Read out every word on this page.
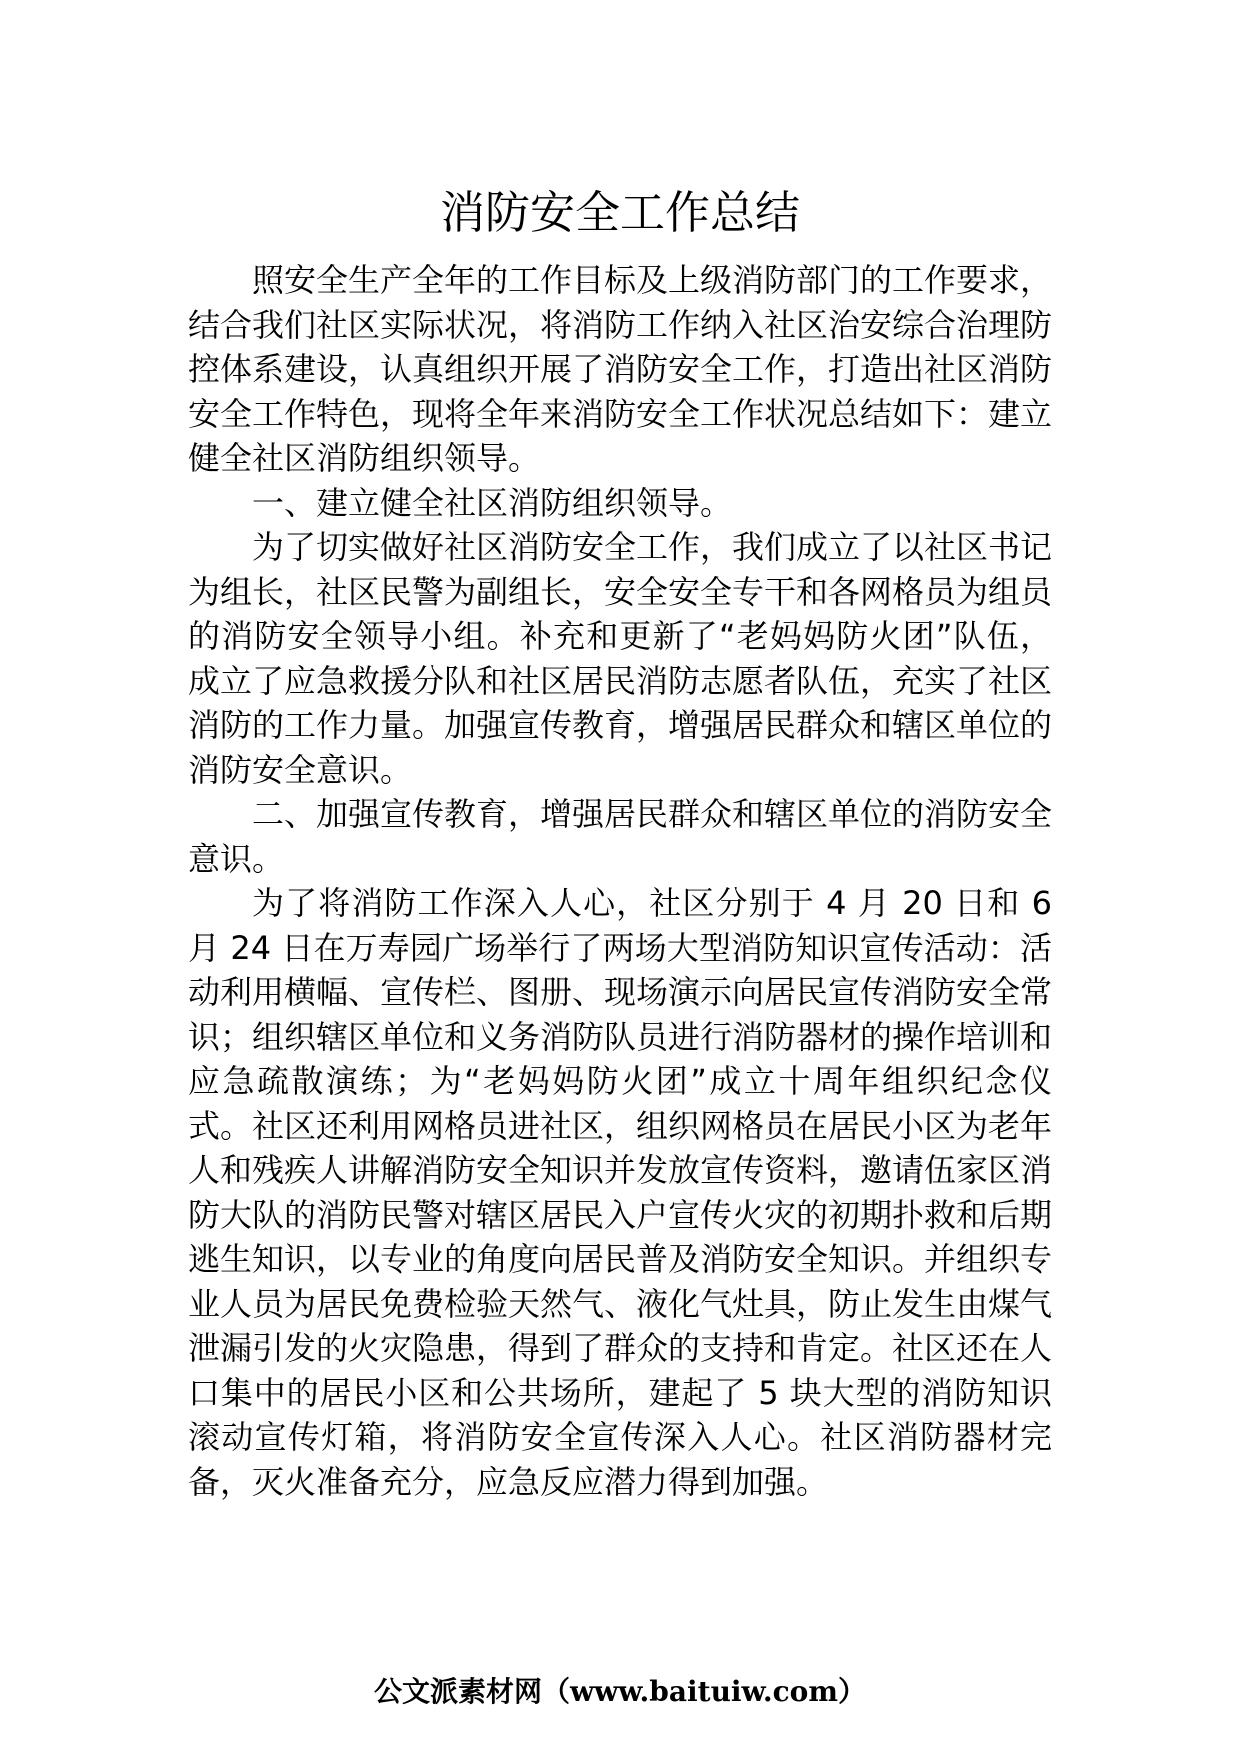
消防安全工作总结

照安全生产全年的工作目标及上级消防部门的工作要求，结合我们社区实际状况，将消防工作纳入社区治安综合治理防控体系建设，认真组织开展了消防安全工作，打造出社区消防安全工作特色，现将全年来消防安全工作状况总结如下：建立健全社区消防组织领导。

一、建立健全社区消防组织领导。

为了切实做好社区消防安全工作，我们成立了以社区书记为组长，社区民警为副组长，安全安全专干和各网格员为组员的消防安全领导小组。补充和更新了“老妈妈防火团”队伍，成立了应急救援分队和社区居民消防志愿者队伍，充实了社区消防的工作力量。加强宣传教育，增强居民群众和辖区单位的消防安全意识。

二、加强宣传教育，增强居民群众和辖区单位的消防安全意识。

为了将消防工作深入人心，社区分别于 4 月 20 日和 6 月 24 日在万寿园广场举行了两场大型消防知识宣传活动：活动利用横幅、宣传栏、图册、现场演示向居民宣传消防安全常识；组织辖区单位和义务消防队员进行消防器材的操作培训和应急疏散演练；为“老妈妈防火团”成立十周年组织纪念仪式。社区还利用网格员进社区，组织网格员在居民小区为老年人和残疾人讲解消防安全知识并发放宣传资料，邀请伍家区消防大队的消防民警对辖区居民入户宣传火灾的初期扑救和后期逃生知识，以专业的角度向居民普及消防安全知识。并组织专业人员为居民免费检验天然气、液化气灶具，防止发生由煤气泄漏引发的火灾隐患，得到了群众的支持和肯定。社区还在人口集中的居民小区和公共场所，建起了 5 块大型的消防知识滚动宣传灯箱，将消防安全宣传深入人心。社区消防器材完备，灭火准备充分，应急反应潜力得到加强。

公文派素材网（www.baituiw.com）
